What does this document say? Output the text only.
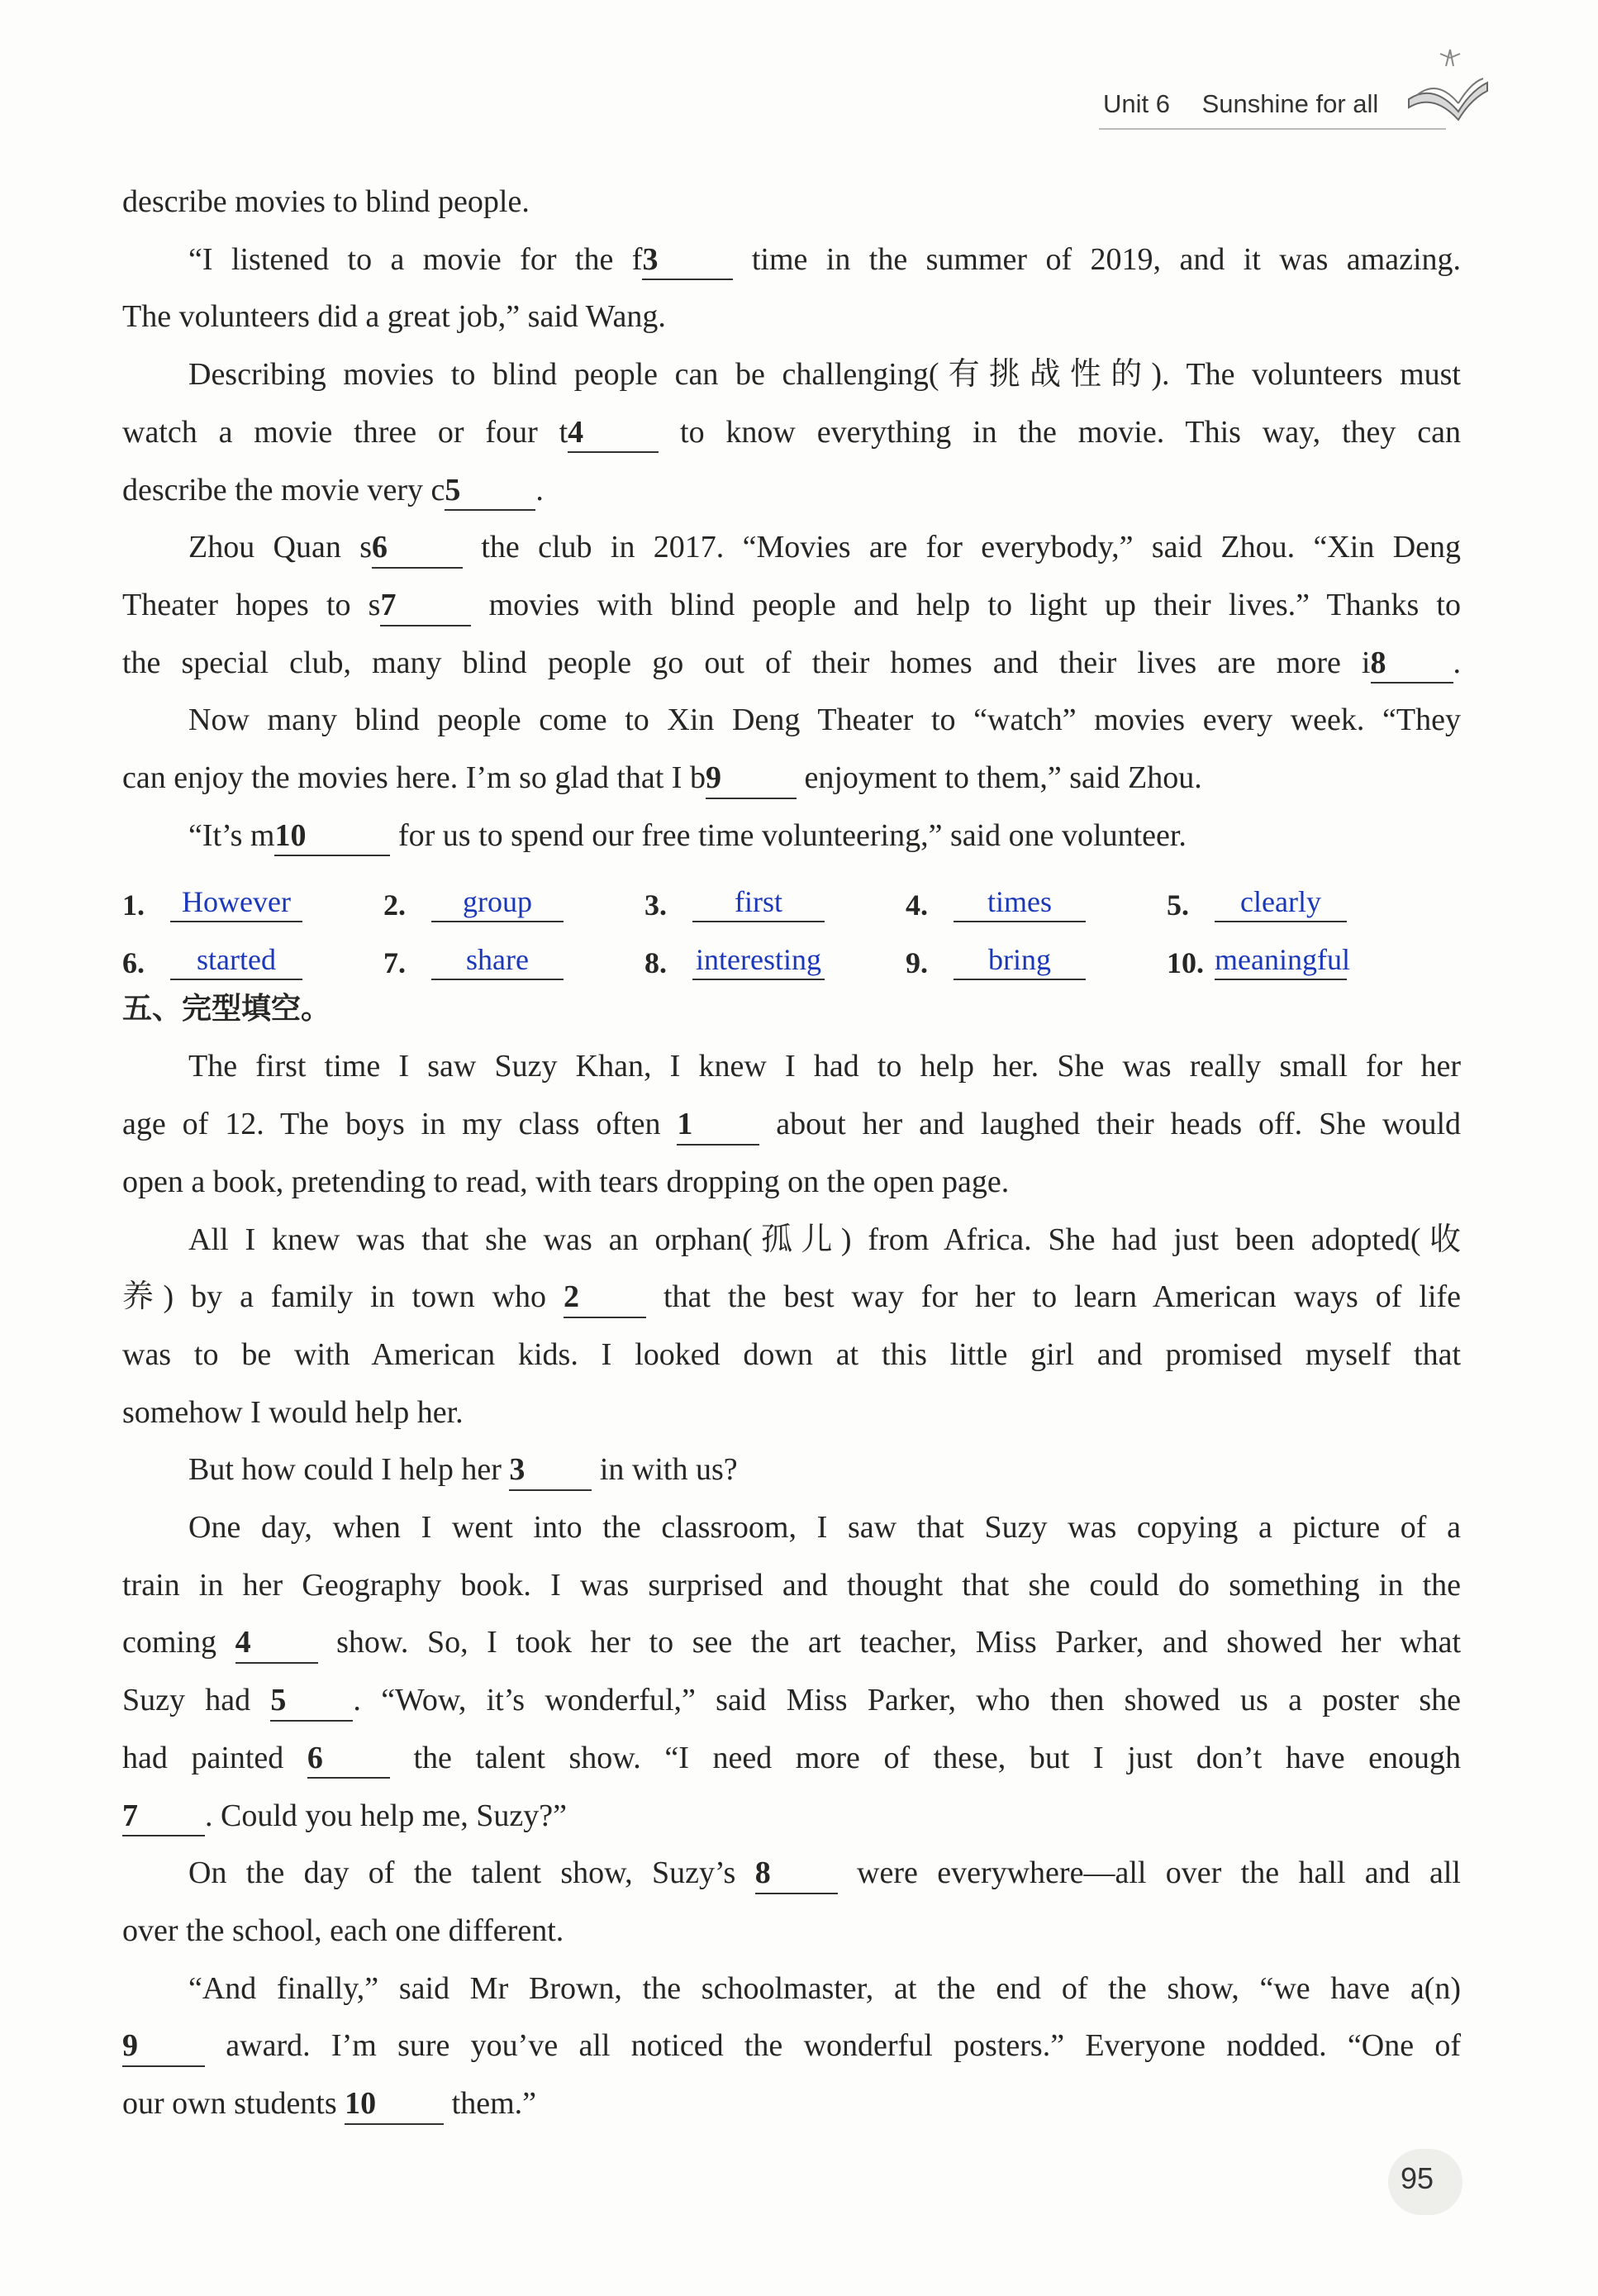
Unit 6 Sunshine for all

describe movies to blind people.

“I listened to a movie for the f3	time in the summer of 2019, and it was amazing.

The volunteers did a great job,” said Wang.

Describing movies to blind people can be challenging(有挑战性的). The volunteers must

watch a movie three or four t4	to know everything in the movie. This way, they can

describe the movie very c5 .

Zhou Quan s6	the club in 2017. “Movies are for everybody,” said Zhou. “Xin Deng

Theater hopes to s7	movies with blind people and help to light up their lives.” Thanks to

the special club, many blind people go out of their homes and their lives are more i8 .

Now many blind people come to Xin Deng Theater to “watch” movies every week. “They

can enjoy the movies here. I’m so glad that I b9	enjoyment to them,” said Zhou.

“It’s m10	for us to spend our free time volunteering,” said one volunteer.

1.	However	2.	group	3.	first	4.	times	5.	clearly
6.	started	7.	share	8. interesting	9.	bring	10. meaningful

五、完型填空。

The first time I saw Suzy Khan, I knew I had to help her. She was really small for her

age of 12. The boys in my class often 1	about her and laughed their heads off. She would

open a book, pretending to read, with tears dropping on the open page.

All I knew was that she was an orphan(孤儿) from Africa. She had just been adopted(收

养) by a family in town who 2	that the best way for her to learn American ways of life

was to be with American kids. I looked down at this little girl and promised myself that

somehow I would help her.

But how could I help her 3 in with us?

One day, when I went into the classroom, I saw that Suzy was copying a picture of a

train in her Geography book. I was surprised and thought that she could do something in the

coming 4	show. So, I took her to see the art teacher, Miss Parker, and showed her what

Suzy had 5 . “Wow, it’s wonderful,” said Miss Parker, who then showed us a poster she

had painted 6	the talent show. “I need more of these, but I just don’t have enough

7 . Could you help me, Suzy?”

On the day of the talent show, Suzy’s 8	were everywhere—all over the hall and all

over the school, each one different.

“And finally,” said Mr Brown, the schoolmaster, at the end of the show, “we have a(n)

9	award. I’m sure you’ve all noticed the wonderful posters.” Everyone nodded. “One of

our own students 10 them.”

95
